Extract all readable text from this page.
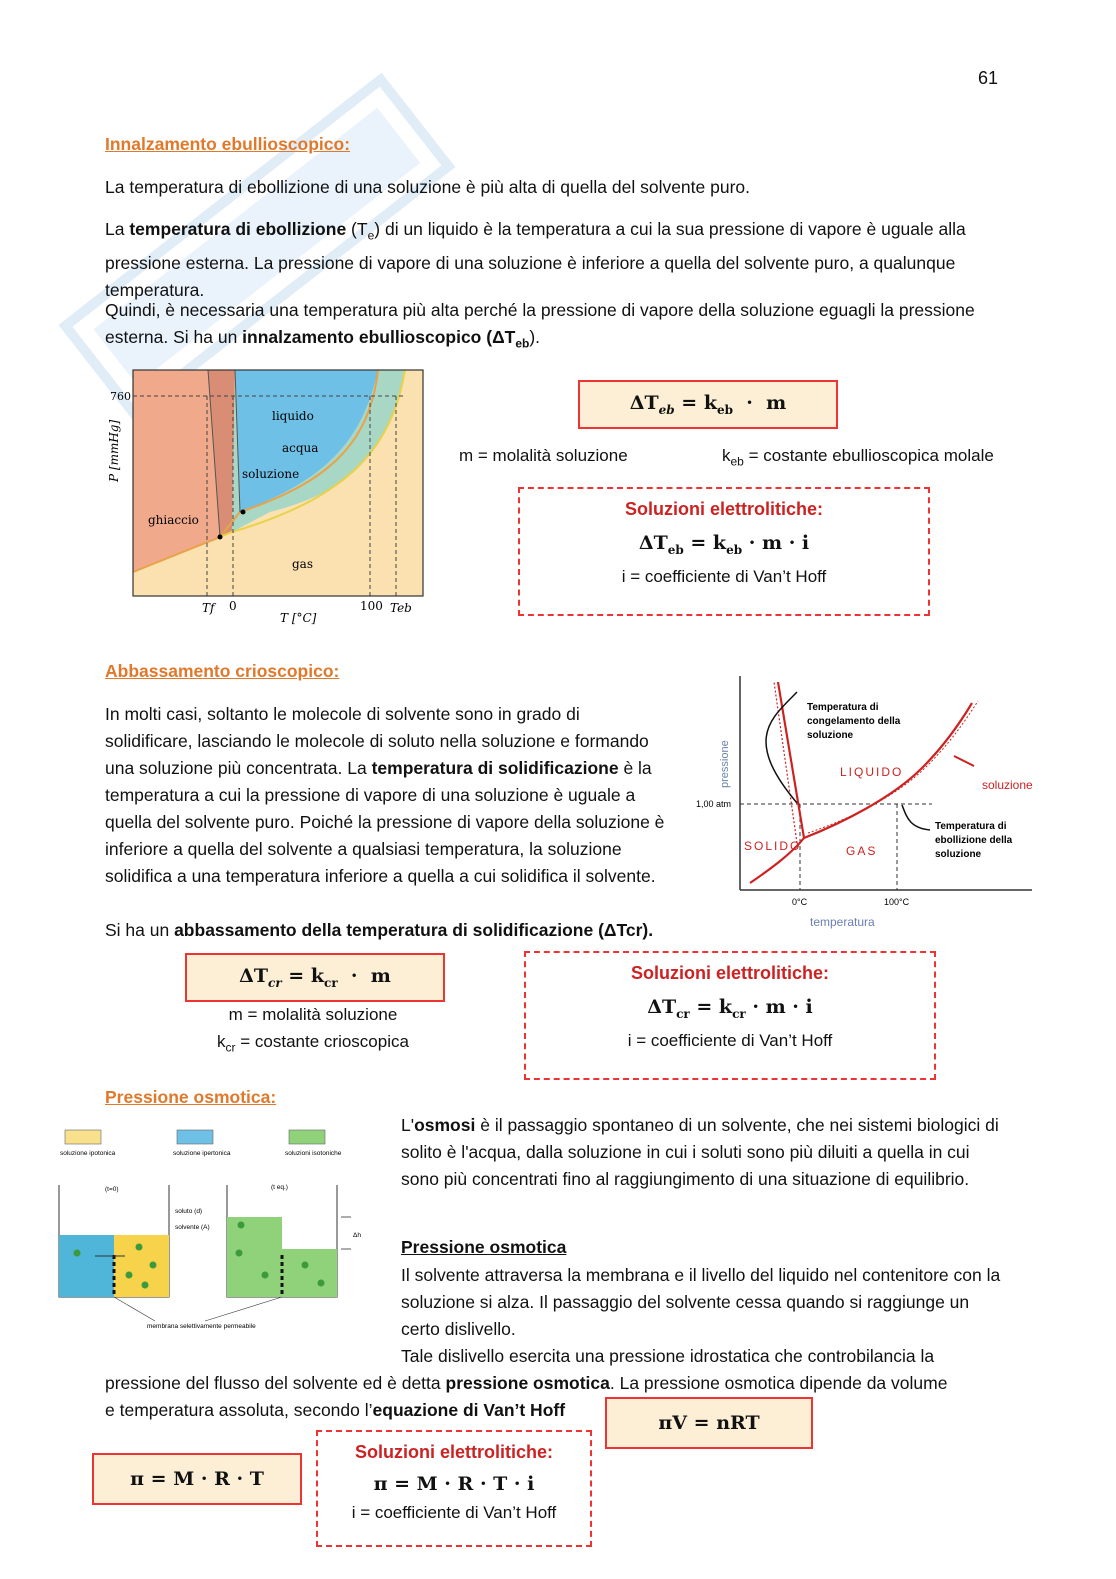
61
Innalzamento ebullioscopico:
La temperatura di ebollizione di una soluzione è più alta di quella del solvente puro.
La temperatura di ebollizione $(T_e)$ di un liquido è la temperatura a cui la sua pressione di vapore è uguale alla pressione esterna. La pressione di vapore di una soluzione è inferiore a quella del solvente puro, a qualunque temperatura.
Quindi, è necessaria una temperatura più alta perché la pressione di vapore della soluzione eguagli la pressione esterna. Si ha un innalzamento ebullioscopico $(\Delta T_{eb})$.
760
P [mmHg]
liquido
acqua
soluzione
ghiaccio
gas
Tf 0	100 Teb
T [°C]
$\Delta T_{eb} = k_{eb} \cdot m$
m = molalità soluzione	$k_{eb}$ = costante ebullioscopica molale
Soluzioni elettrolitiche:
$\Delta T_{eb} = k_{eb} \cdot m \cdot i$
i = coefficiente di Van’t Hoff
Abbassamento crioscopico:
In molti casi, soltanto le molecole di solvente sono in grado di solidificare, lasciando le molecole di soluto nella soluzione e formando una soluzione più concentrata. La temperatura di solidificazione è la temperatura a cui la pressione di vapore di una soluzione è uguale a quella del solvente puro. Poiché la pressione di vapore della soluzione è inferiore a quella del solvente a qualsiasi temperatura, la soluzione solidifica a una temperatura inferiore a quella a cui solidifica il solvente.
Si ha un abbassamento della temperatura di solidificazione (ΔTcr).
pressione
1,00 atm
0°C	100°C
temperatura
LIQUIDO
SOLIDO	GAS
soluzione
Temperatura di
congelamento della
soluzione
Temperatura di
ebollizione della
soluzione
$\Delta T_{cr} = k_{cr} \cdot m$
m = molalità soluzione
$k_{cr}$ = costante crioscopica
Soluzioni elettrolitiche:
$\Delta T_{cr} = k_{cr} \cdot m \cdot i$
i = coefficiente di Van’t Hoff
Pressione osmotica:
soluzione ipotonica	soluzione ipertonica	soluzioni isotoniche
(t=0)	(t eq.)
Δh
soluto (d)
solvente (A)
membrana selettivamente permeabile
L'osmosi è il passaggio spontaneo di un solvente, che nei sistemi biologici di solito è l'acqua, dalla soluzione in cui i soluti sono più diluiti a quella in cui sono più concentrati fino al raggiungimento di una situazione di equilibrio.
Pressione osmotica
Il solvente attraversa la membrana e il livello del liquido nel contenitore con la soluzione si alza. Il passaggio del solvente cessa quando si raggiunge un certo dislivello.
Tale dislivello esercita una pressione idrostatica che controbilancia la
pressione del flusso del solvente ed è detta pressione osmotica. La pressione osmotica dipende da volume
e temperatura assoluta, secondo l’equazione di Van’t Hoff
πV = nRT
π = M · R · T
Soluzioni elettrolitiche:
π = M · R · T · i
i = coefficiente di Van’t Hoff
